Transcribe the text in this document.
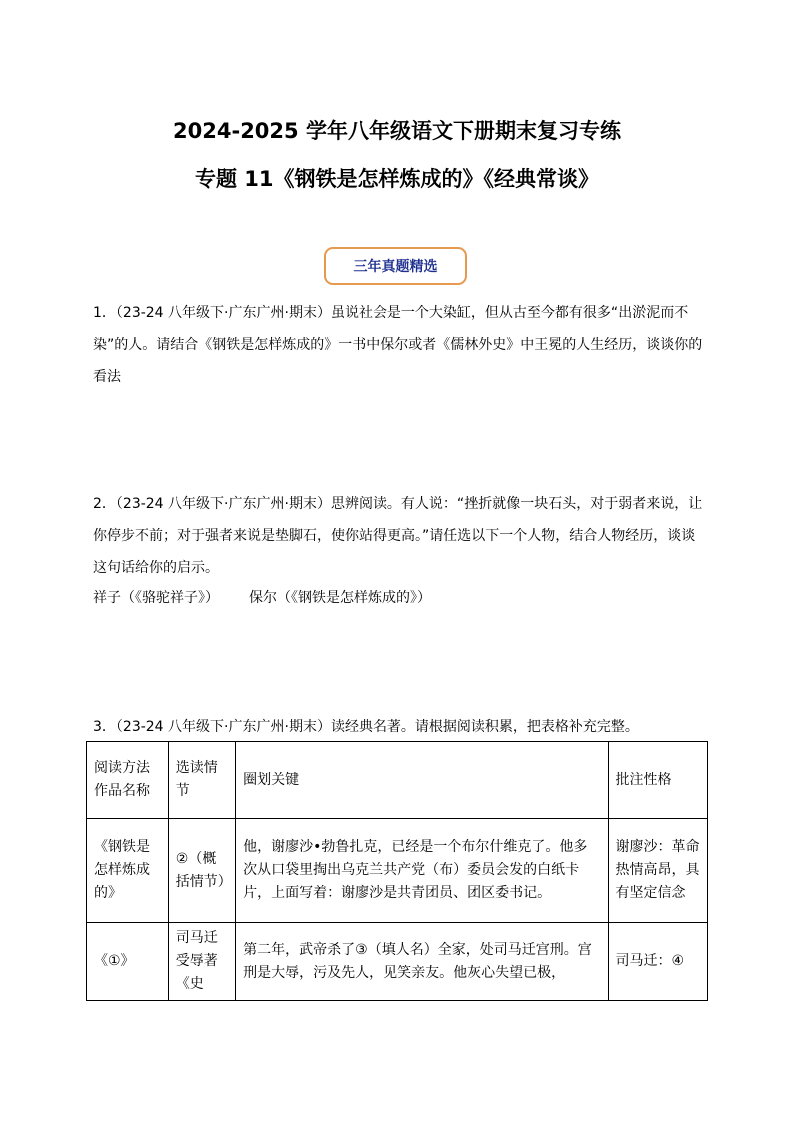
2024-2025 学年八年级语文下册期末复习专练
专题 11《钢铁是怎样炼成的》《经典常谈》
三年真题精选

1．（23-24 八年级下·广东广州·期末）虽说社会是一个大染缸，但从古至今都有很多“出淤泥而不染”的人。请结合《钢铁是怎样炼成的》一书中保尔或者《儒林外史》中王冕的人生经历，谈谈你的看法

2．（23-24 八年级下·广东广州·期末）思辨阅读。有人说：“挫折就像一块石头，对于弱者来说，让你停步不前；对于强者来说是垫脚石，使你站得更高。”请任选以下一个人物，结合人物经历，谈谈这句话给你的启示。

祥子（《骆驼祥子》） 保尔（《钢铁是怎样炼成的》）

3．（23-24 八年级下·广东广州·期末）读经典名著。请根据阅读积累，把表格补充完整。

阅读方法作品名称	选读情节	圈划关键	批注性格
《钢铁是怎样炼成的》	②（概括情节）	他，谢廖沙•勃鲁扎克，已经是一个布尔什维克了。他多次从口袋里掏出乌克兰共产党（布）委员会发的白纸卡片，上面写着：谢廖沙是共青团员、团区委书记。	谢廖沙：革命热情高昂，具有坚定信念
《①》	司马迁受辱著《史	第二年，武帝杀了③（填人名）全家，处司马迁宫刑。宫刑是大辱，污及先人，见笑亲友。他灰心失望已极，	司马迁：④
